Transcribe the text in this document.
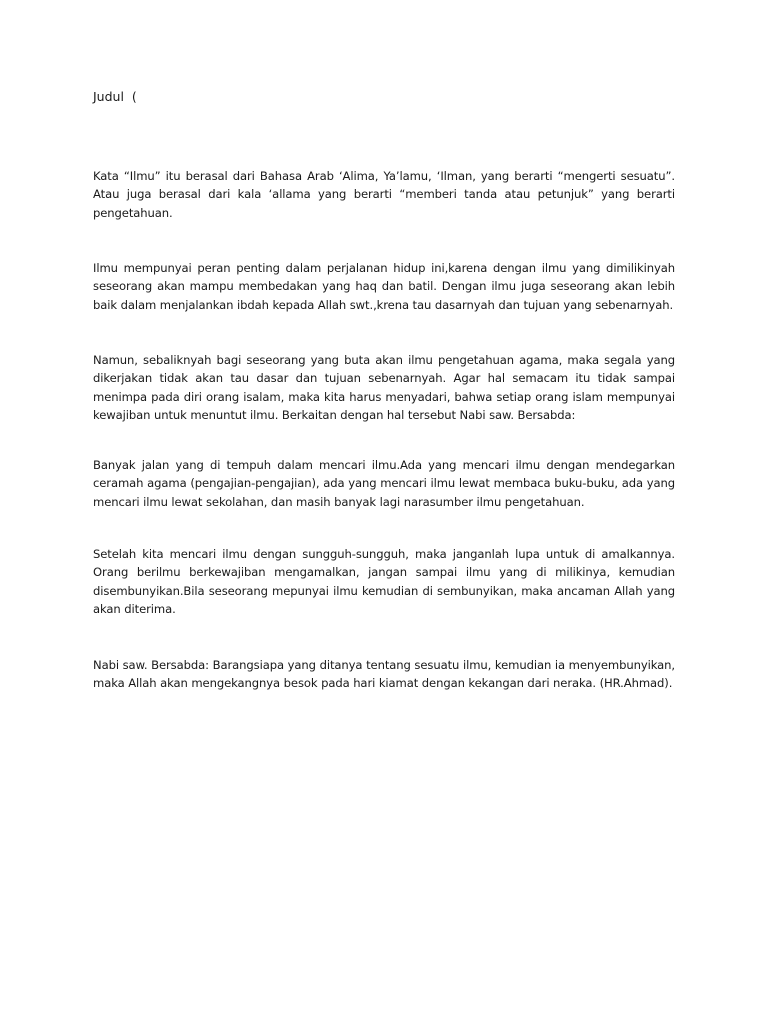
Judul  (

Kata “Ilmu” itu berasal dari Bahasa Arab ‘Alima, Ya’lamu, ‘Ilman, yang berarti “mengerti sesuatu”. Atau juga berasal dari kala ‘allama yang berarti “memberi tanda atau petunjuk” yang berarti pengetahuan.

Ilmu mempunyai peran penting dalam perjalanan hidup ini,karena dengan ilmu yang dimilikinyah seseorang akan mampu membedakan yang haq dan batil. Dengan ilmu juga seseorang akan lebih baik dalam menjalankan ibdah kepada Allah swt.,krena tau dasarnyah dan tujuan yang sebenarnyah.

Namun, sebaliknyah bagi seseorang yang buta akan ilmu pengetahuan agama, maka segala yang dikerjakan tidak akan tau dasar dan tujuan sebenarnyah. Agar hal semacam itu tidak sampai menimpa pada diri orang isalam, maka kita harus menyadari, bahwa setiap orang islam mempunyai kewajiban untuk menuntut ilmu. Berkaitan dengan hal tersebut Nabi saw. Bersabda:

Banyak jalan yang di tempuh dalam mencari ilmu.Ada yang mencari ilmu dengan mendegarkan ceramah agama (pengajian-pengajian), ada yang mencari ilmu lewat membaca buku-buku, ada yang mencari ilmu lewat sekolahan, dan masih banyak lagi narasumber ilmu pengetahuan.

Setelah kita mencari ilmu dengan sungguh-sungguh, maka janganlah lupa untuk di amalkannya. Orang berilmu berkewajiban mengamalkan, jangan sampai ilmu yang di milikinya, kemudian disembunyikan.Bila seseorang mepunyai ilmu kemudian di sembunyikan, maka ancaman Allah yang akan diterima.

Nabi saw. Bersabda: Barangsiapa yang ditanya tentang sesuatu ilmu, kemudian ia menyembunyikan, maka Allah akan mengekangnya besok pada hari kiamat dengan kekangan dari neraka. (HR.Ahmad).
